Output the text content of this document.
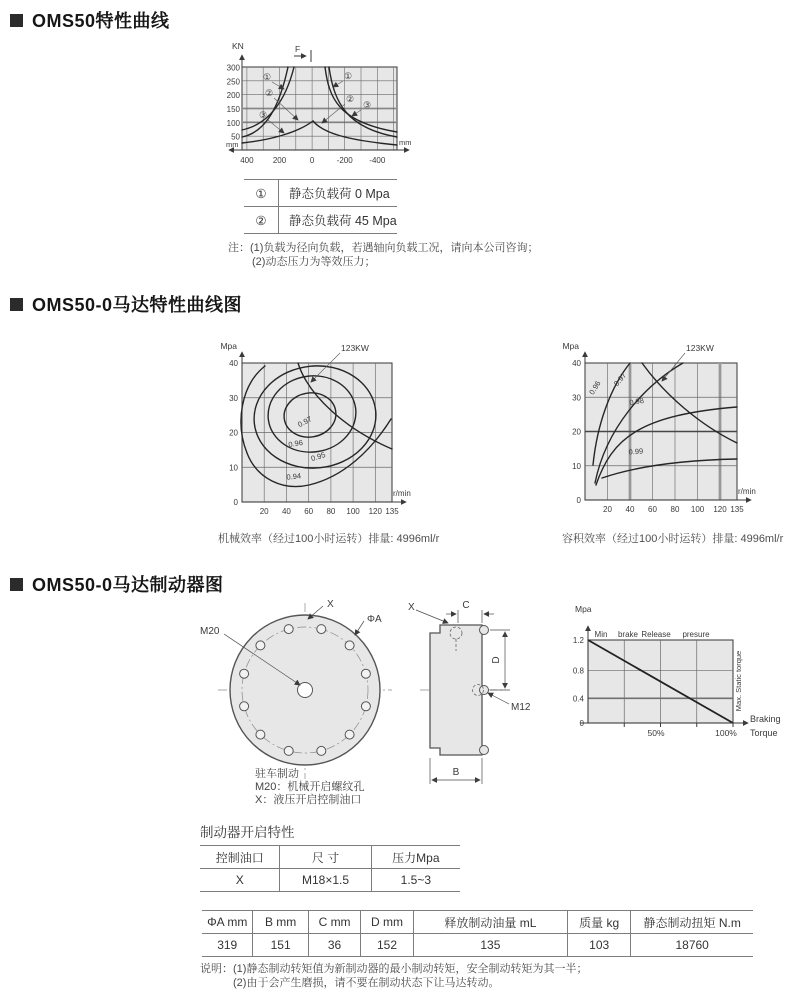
OMS50特性曲线
①
②
③
①
②
③
KN	F
300
250
200
150
100
50
mm	mm
400 200	0	-200 -400
①	静态负载荷 0 Mpa
②	静态负载荷 45 Mpa
注：(1)负载为径向负载，若遇轴向负载工况，请向本公司咨询；
(2)动态压力为等效压力；
OMS50-0马达特性曲线图
0.97
0.96
0.95
0.94
123KW
Mpa
r/min
40
30
20
10
0
20 40 60 80 100 120 135
机械效率（经过100小时运转）排量: 4996ml/r
0.96 0.97
0.98
0.99
123KW
Mpa
r/min
40
30
20
10
0
20 40 60 80 100 120 135
容积效率（经过100小时运转）排量: 4996ml/r
OMS50-0马达制动器图
X
ΦA
M20
驻车制动
M20：机械开启螺纹孔
X：液压开启控制油口
X	C
D
M12
B
Mpa
Min brake Release presure
1.2
0.8
0.4
0
50%	100%
Max. Static torque
Braking
Torque
制动器开启特性
控制油口	尺 寸	压力Mpa
X	M18×1.5	1.5~3
ΦA mm	B mm	C mm	D mm	释放制动油量 mL	质量 kg	静态制动扭矩 N.m
319	151	36	152	135	103	18760
说明：(1)静态制动转矩值为新制动器的最小制动转矩，安全制动转矩为其一半；
(2)由于会产生磨损，请不要在制动状态下让马达转动。
